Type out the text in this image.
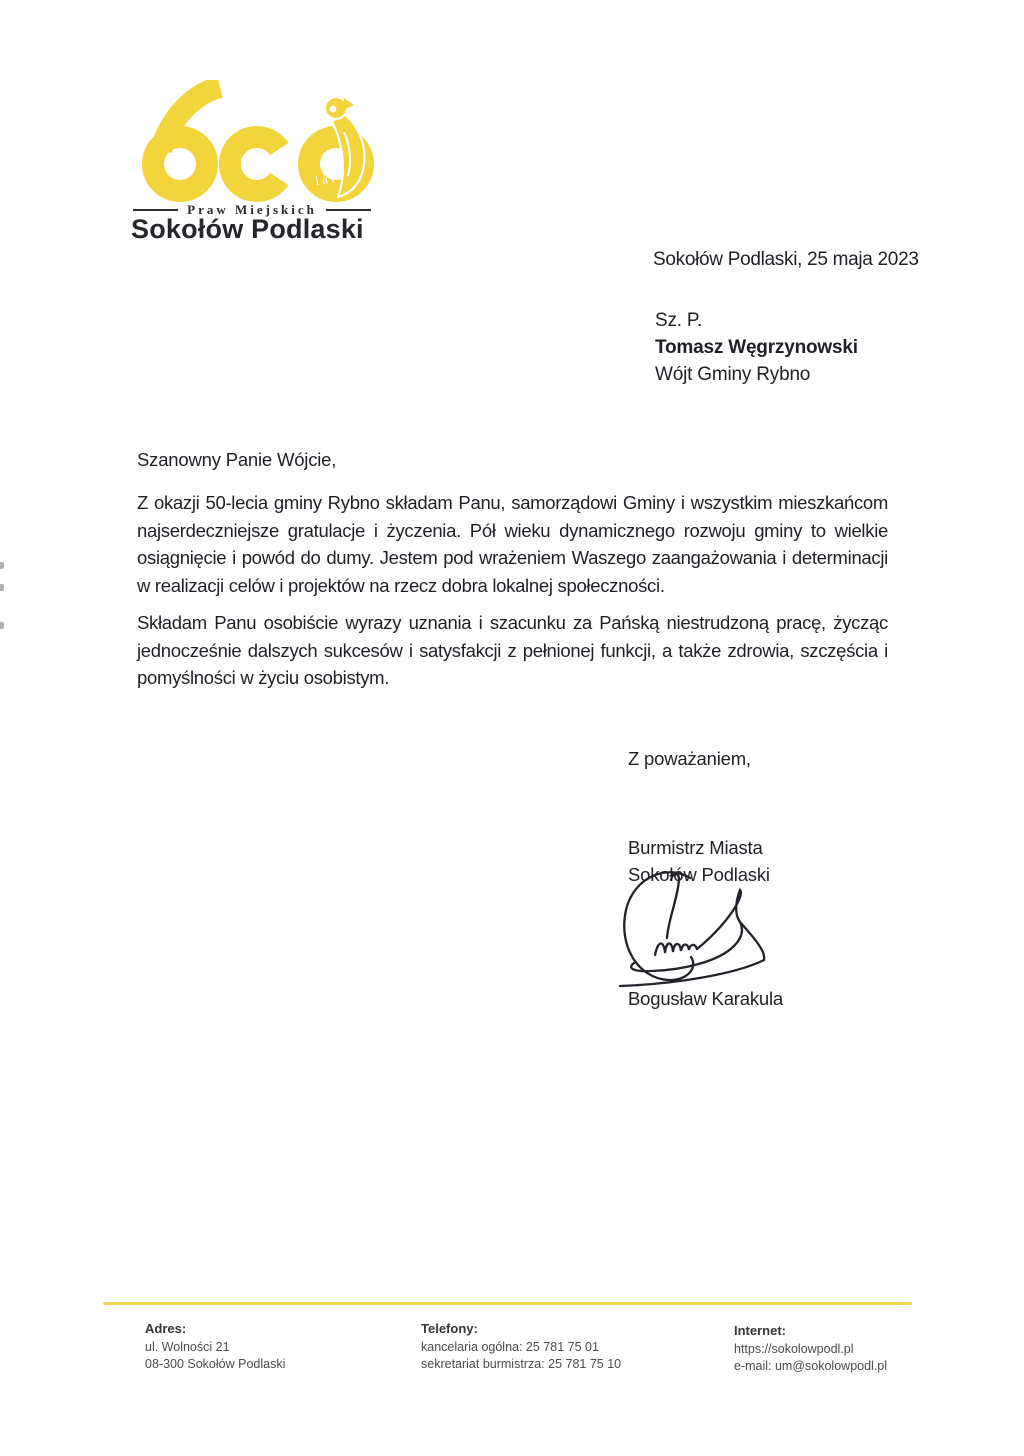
lat
Praw Miejskich
Sokołów Podlaski
Sokołów Podlaski, 25 maja 2023
Sz. P.
Tomasz Węgrzynowski
Wójt Gminy Rybno
Szanowny Panie Wójcie,

Z okazji 50-lecia gminy Rybno składam Panu, samorządowi Gminy i wszystkim mieszkańcom najserdeczniejsze gratulacje i życzenia. Pół wieku dynamicznego rozwoju gminy to wielkie osiągnięcie i powód do dumy. Jestem pod wrażeniem Waszego zaangażowania i determinacji w realizacji celów i projektów na rzecz dobra lokalnej społeczności.

Składam Panu osobiście wyrazy uznania i szacunku za Pańską niestrudzoną pracę, życząc jednocześnie dalszych sukcesów i satysfakcji z pełnionej funkcji, a także zdrowia, szczęścia i pomyślności w życiu osobistym.

Z poważaniem,
Burmistrz Miasta
Sokołów Podlaski
Bogusław Karakula
Adres:
ul. Wolności 21
08-300 Sokołów Podlaski
Telefony:
kancelaria ogólna: 25 781 75 01
sekretariat burmistrza: 25 781 75 10
Internet:
https://sokolowpodl.pl
e-mail: um@sokolowpodl.pl
